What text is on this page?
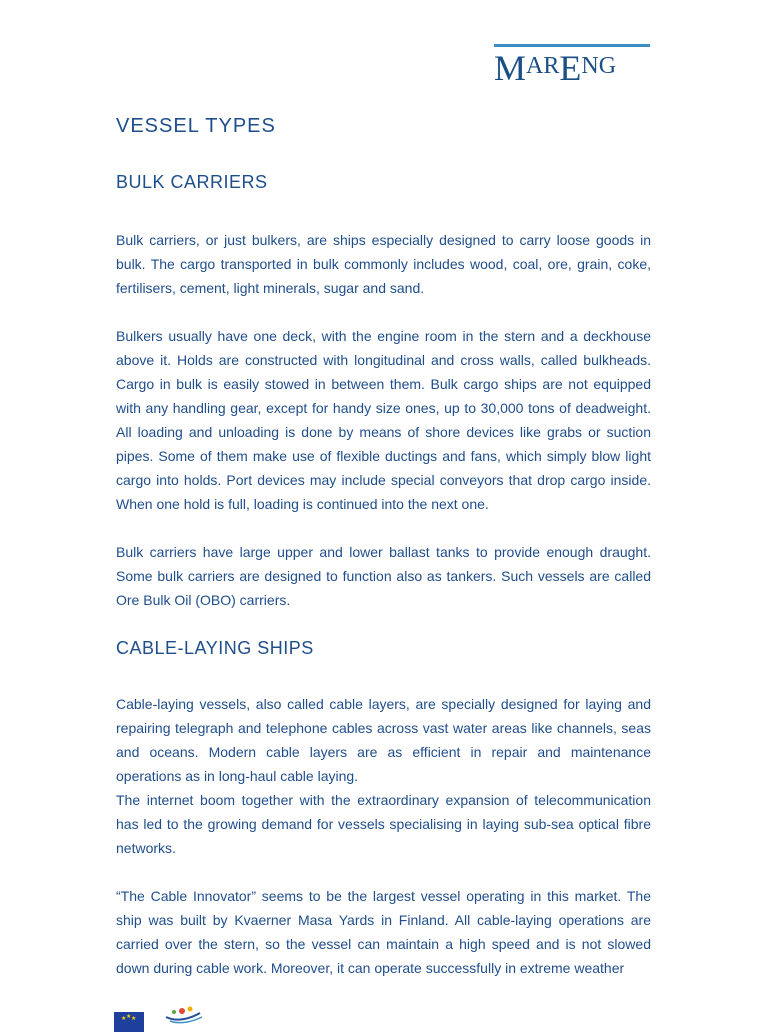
MARENG
VESSEL TYPES
BULK CARRIERS

Bulk carriers, or just bulkers, are ships especially designed to carry loose goods in bulk. The cargo transported in bulk commonly includes wood, coal, ore, grain, coke, fertilisers, cement, light minerals, sugar and sand.

Bulkers usually have one deck, with the engine room in the stern and a deckhouse above it. Holds are constructed with longitudinal and cross walls, called bulkheads. Cargo in bulk is easily stowed in between them. Bulk cargo ships are not equipped with any handling gear, except for handy size ones, up to 30,000 tons of deadweight. All loading and unloading is done by means of shore devices like grabs or suction pipes. Some of them make use of flexible ductings and fans, which simply blow light cargo into holds. Port devices may include special conveyors that drop cargo inside. When one hold is full, loading is continued into the next one.

Bulk carriers have large upper and lower ballast tanks to provide enough draught. Some bulk carriers are designed to function also as tankers. Such vessels are called Ore Bulk Oil (OBO) carriers.

CABLE-LAYING SHIPS

Cable-laying vessels, also called cable layers, are specially designed for laying and repairing telegraph and telephone cables across vast water areas like channels, seas and oceans. Modern cable layers are as efficient in repair and maintenance operations as in long-haul cable laying.

The internet boom together with the extraordinary expansion of telecommunication has led to the growing demand for vessels specialising in laying sub-sea optical fibre networks.

“The Cable Innovator” seems to be the largest vessel operating in this market. The ship was built by Kvaerner Masa Yards in Finland. All cable-laying operations are carried over the stern, so the vessel can maintain a high speed and is not slowed down during cable work. Moreover, it can operate successfully in extreme weather

★
★ ★
